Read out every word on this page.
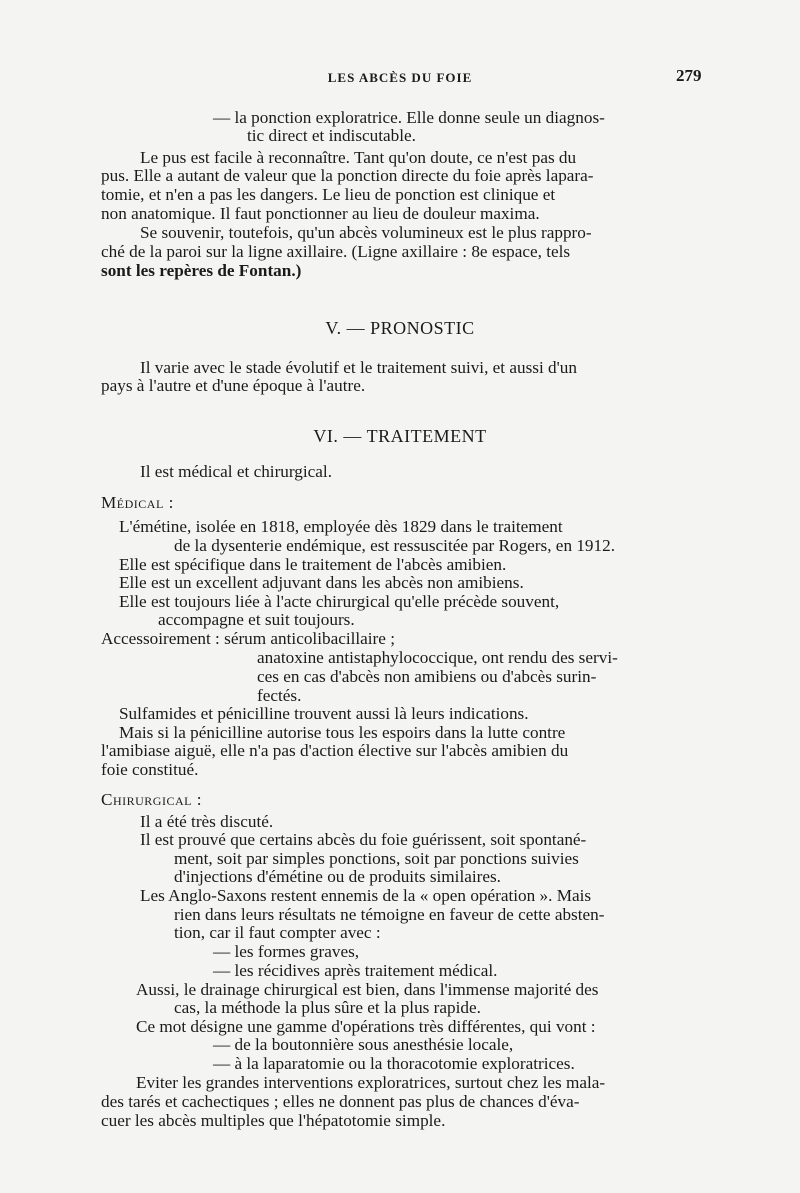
LES ABCÈS DU FOIE	279
— la ponction exploratrice. Elle donne seule un diagnos-
tic direct et indiscutable.
Le pus est facile à reconnaître. Tant qu'on doute, ce n'est pas du
pus. Elle a autant de valeur que la ponction directe du foie après lapara-
tomie, et n'en a pas les dangers. Le lieu de ponction est clinique et
non anatomique. Il faut ponctionner au lieu de douleur maxima.
Se souvenir, toutefois, qu'un abcès volumineux est le plus rappro-
ché de la paroi sur la ligne axillaire. (Ligne axillaire : 8e espace, tels
sont les repères de Fontan.)
V. — PRONOSTIC
Il varie avec le stade évolutif et le traitement suivi, et aussi d'un
pays à l'autre et d'une époque à l'autre.
VI. — TRAITEMENT
Il est médical et chirurgical.
Médical :
L'émétine, isolée en 1818, employée dès 1829 dans le traitement
de la dysenterie endémique, est ressuscitée par Rogers, en 1912.
Elle est spécifique dans le traitement de l'abcès amibien.
Elle est un excellent adjuvant dans les abcès non amibiens.
Elle est toujours liée à l'acte chirurgical qu'elle précède souvent,
accompagne et suit toujours.
Accessoirement : sérum anticolibacillaire ;
anatoxine antistaphylococcique, ont rendu des servi-
ces en cas d'abcès non amibiens ou d'abcès surin-
fectés.
Sulfamides et pénicilline trouvent aussi là leurs indications.
Mais si la pénicilline autorise tous les espoirs dans la lutte contre
l'amibiase aiguë, elle n'a pas d'action élective sur l'abcès amibien du
foie constitué.
Chirurgical :
Il a été très discuté.
Il est prouvé que certains abcès du foie guérissent, soit spontané-
ment, soit par simples ponctions, soit par ponctions suivies
d'injections d'émétine ou de produits similaires.
Les Anglo-Saxons restent ennemis de la « open opération ». Mais
rien dans leurs résultats ne témoigne en faveur de cette absten-
tion, car il faut compter avec :
— les formes graves,
— les récidives après traitement médical.
Aussi, le drainage chirurgical est bien, dans l'immense majorité des
cas, la méthode la plus sûre et la plus rapide.
Ce mot désigne une gamme d'opérations très différentes, qui vont :
— de la boutonnière sous anesthésie locale,
— à la laparatomie ou la thoracotomie exploratrices.
Eviter les grandes interventions exploratrices, surtout chez les mala-
des tarés et cachectiques ; elles ne donnent pas plus de chances d'éva-
cuer les abcès multiples que l'hépatotomie simple.
